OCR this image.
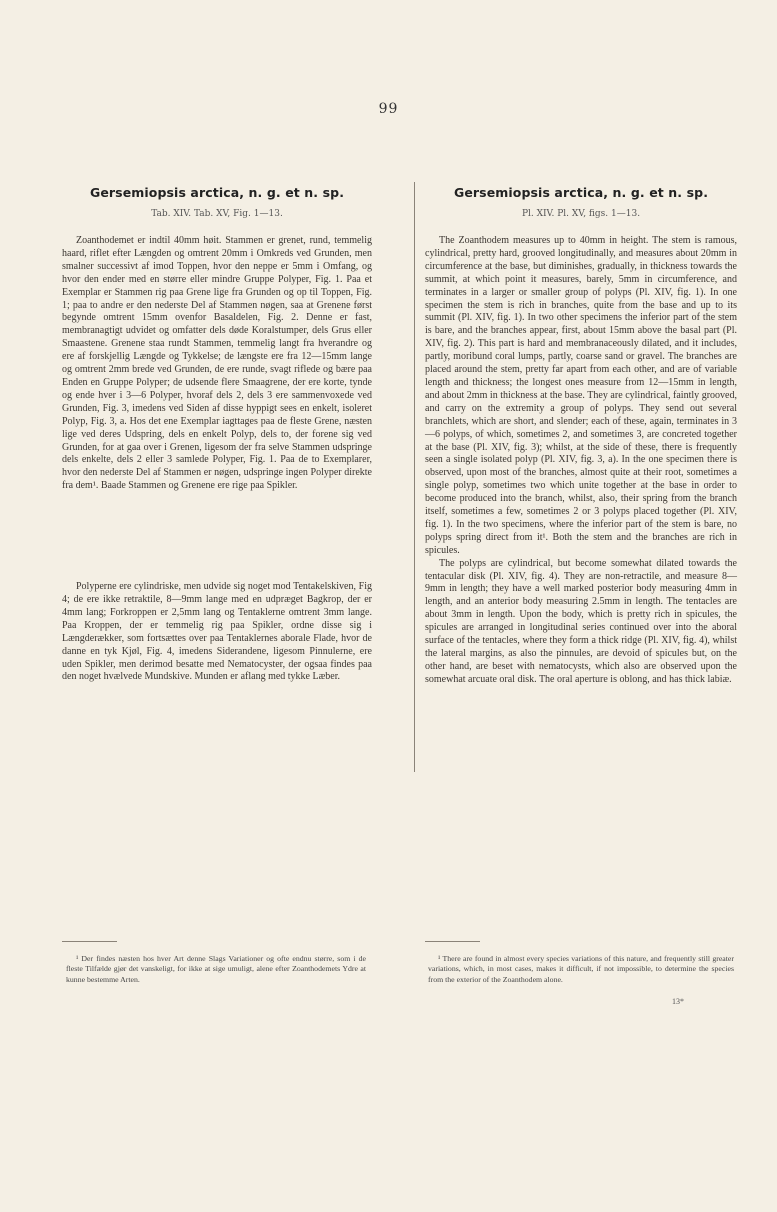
99
Gersemiopsis arctica, n. g. et n. sp.

Tab. XIV. Tab. XV, Fig. 1—13.

Zoanthodemet er indtil 40mm høit. Stammen er grenet, rund, temmelig haard, riflet efter Længden og omtrent 20mm i Omkreds ved Grunden, men smalner successivt af imod Toppen, hvor den neppe er 5mm i Omfang, og hvor den ender med en større eller mindre Gruppe Polyper, Fig. 1. Paa et Exemplar er Stammen rig paa Grene lige fra Grunden og op til Toppen, Fig. 1; paa to andre er den nederste Del af Stammen nøgen, saa at Grenene først begynde omtrent 15mm ovenfor Basaldelen, Fig. 2. Denne er fast, membranagtigt udvidet og omfatter dels døde Koralstumper, dels Grus eller Smaastene. Grenene staa rundt Stammen, temmelig langt fra hverandre og ere af forskjellig Længde og Tykkelse; de længste ere fra 12—15mm lange og omtrent 2mm brede ved Grunden, de ere runde, svagt riflede og bære paa Enden en Gruppe Polyper; de udsende flere Smaagrene, der ere korte, tynde og ende hver i 3—6 Polyper, hvoraf dels 2, dels 3 ere sammenvoxede ved Grunden, Fig. 3, imedens ved Siden af disse hyppigt sees en enkelt, isoleret Polyp, Fig. 3, a. Hos det ene Exemplar iagttages paa de fleste Grene, næsten lige ved deres Udspring, dels en enkelt Polyp, dels to, der forene sig ved Grunden, for at gaa over i Grenen, ligesom der fra selve Stammen udspringe dels enkelte, dels 2 eller 3 samlede Polyper, Fig. 1. Paa de to Exemplarer, hvor den nederste Del af Stammen er nøgen, udspringe ingen Polyper direkte fra dem¹. Baade Stammen og Grenene ere rige paa Spikler.

Polyperne ere cylindriske, men udvide sig noget mod Tentakelskiven, Fig 4; de ere ikke retraktile, 8—9mm lange med en udpræget Bagkrop, der er 4mm lang; Forkroppen er 2,5mm lang og Tentaklerne omtrent 3mm lange. Paa Kroppen, der er temmelig rig paa Spikler, ordne disse sig i Længderækker, som fortsættes over paa Tentaklernes aborale Flade, hvor de danne en tyk Kjøl, Fig. 4, imedens Siderandene, ligesom Pinnulerne, ere uden Spikler, men derimod besatte med Nematocyster, der ogsaa findes paa den noget hvælvede Mundskive. Munden er aflang med tykke Læber.

Gersemiopsis arctica, n. g. et n. sp.

Pl. XIV. Pl. XV, figs. 1—13.

The Zoanthodem measures up to 40mm in height. The stem is ramous, cylindrical, pretty hard, grooved longitudinally, and measures about 20mm in circumference at the base, but diminishes, gradually, in thickness towards the summit, at which point it measures, barely, 5mm in circumference, and terminates in a larger or smaller group of polyps (Pl. XIV, fig. 1). In one specimen the stem is rich in branches, quite from the base and up to its summit (Pl. XIV, fig. 1). In two other specimens the inferior part of the stem is bare, and the branches appear, first, about 15mm above the basal part (Pl. XIV, fig. 2). This part is hard and membranaceously dilated, and it includes, partly, moribund coral lumps, partly, coarse sand or gravel. The branches are placed around the stem, pretty far apart from each other, and are of variable length and thickness; the longest ones measure from 12—15mm in length, and about 2mm in thickness at the base. They are cylindrical, faintly grooved, and carry on the extremity a group of polyps. They send out several branchlets, which are short, and slender; each of these, again, terminates in 3—6 polyps, of which, sometimes 2, and sometimes 3, are concreted together at the base (Pl. XIV, fig. 3); whilst, at the side of these, there is frequently seen a single isolated polyp (Pl. XIV, fig. 3, a). In the one specimen there is observed, upon most of the branches, almost quite at their root, sometimes a single polyp, sometimes two which unite together at the base in order to become produced into the branch, whilst, also, their spring from the branch itself, sometimes a few, sometimes 2 or 3 polyps placed together (Pl. XIV, fig. 1). In the two specimens, where the inferior part of the stem is bare, no polyps spring direct from it¹. Both the stem and the branches are rich in spicules.

The polyps are cylindrical, but become somewhat dilated towards the tentacular disk (Pl. XIV, fig. 4). They are non-retractile, and measure 8—9mm in length; they have a well marked posterior body measuring 4mm in length, and an anterior body measuring 2.5mm in length. The tentacles are about 3mm in length. Upon the body, which is pretty rich in spicules, the spicules are arranged in longitudinal series continued over into the aboral surface of the tentacles, where they form a thick ridge (Pl. XIV, fig. 4), whilst the lateral margins, as also the pinnules, are devoid of spicules but, on the other hand, are beset with nematocysts, which also are observed upon the somewhat arcuate oral disk. The oral aperture is oblong, and has thick labiæ.

¹ Der findes næsten hos hver Art denne Slags Variationer og ofte endnu større, som i de fleste Tilfælde gjør det vanskeligt, for ikke at sige umuligt, alene efter Zoanthodemets Ydre at kunne bestemme Arten.

¹ There are found in almost every species variations of this nature, and frequently still greater variations, which, in most cases, makes it difficult, if not impossible, to determine the species from the exterior of the Zoanthodem alone.

13*
